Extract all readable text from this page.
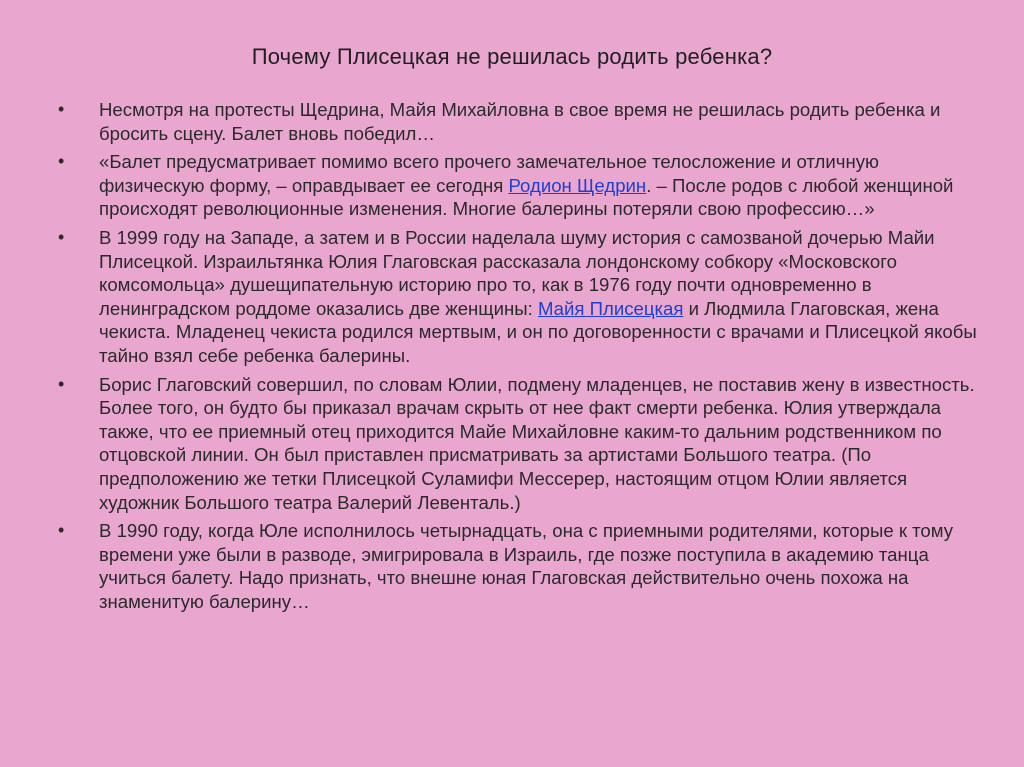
Почему Плисецкая не решилась родить ребенка?
• Несмотря на протесты Щедрина, Майя Михайловна в свое время не решилась родить ребенка и бросить сцену. Балет вновь победил…
• «Балет предусматривает помимо всего прочего замечательное телосложение и отличную физическую форму, – оправдывает ее сегодня Родион Щедрин. – После родов с любой женщиной происходят революционные изменения. Многие балерины потеряли свою профессию…»
• В 1999 году на Западе, а затем и в России наделала шуму история с самозваной дочерью Майи Плисецкой. Израильтянка Юлия Глаговская рассказала лондонскому собкору «Московского комсомольца» душещипательную историю про то, как в 1976 году почти одновременно в ленинградском роддоме оказались две женщины: Майя Плисецкая и Людмила Глаговская, жена чекиста. Младенец чекиста родился мертвым, и он по договоренности с врачами и Плисецкой якобы тайно взял себе ребенка балерины.
• Борис Глаговский совершил, по словам Юлии, подмену младенцев, не поставив жену в известность. Более того, он будто бы приказал врачам скрыть от нее факт смерти ребенка. Юлия утверждала также, что ее приемный отец приходится Майе Михайловне каким-то дальним родственником по отцовской линии. Он был приставлен присматривать за артистами Большого театра. (По предположению же тетки Плисецкой Суламифи Мессерер, настоящим отцом Юлии является художник Большого театра Валерий Левенталь.)
• В 1990 году, когда Юле исполнилось четырнадцать, она с приемными родителями, которые к тому времени уже были в разводе, эмигрировала в Израиль, где позже поступила в академию танца учиться балету. Надо признать, что внешне юная Глаговская действительно очень похожа на знаменитую балерину…
